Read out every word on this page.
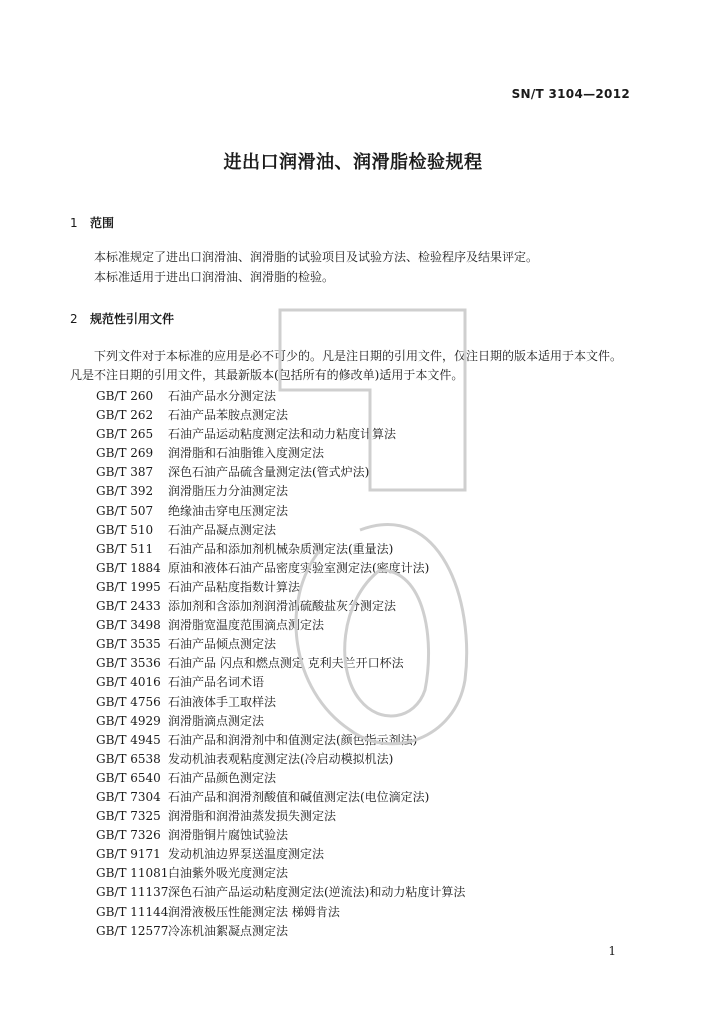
SN/T 3104—2012
进出口润滑油、润滑脂检验规程
1 范围
本标准规定了进出口润滑油、润滑脂的试验项目及试验方法、检验程序及结果评定。
本标准适用于进出口润滑油、润滑脂的检验。
2 规范性引用文件
下列文件对于本标准的应用是必不可少的。凡是注日期的引用文件，仅注日期的版本适用于本文件。凡是不注日期的引用文件，其最新版本(包括所有的修改单)适用于本文件。
GB/T 260 石油产品水分测定法
GB/T 262 石油产品苯胺点测定法
GB/T 265 石油产品运动粘度测定法和动力粘度计算法
GB/T 269 润滑脂和石油脂锥入度测定法
GB/T 387 深色石油产品硫含量测定法(管式炉法)
GB/T 392 润滑脂压力分油测定法
GB/T 507 绝缘油击穿电压测定法
GB/T 510 石油产品凝点测定法
GB/T 511 石油产品和添加剂机械杂质测定法(重量法)
GB/T 1884 原油和液体石油产品密度实验室测定法(密度计法)
GB/T 1995 石油产品粘度指数计算法
GB/T 2433 添加剂和含添加剂润滑油硫酸盐灰分测定法
GB/T 3498 润滑脂宽温度范围滴点测定法
GB/T 3535 石油产品倾点测定法
GB/T 3536 石油产品 闪点和燃点测定 克利夫兰开口杯法
GB/T 4016 石油产品名词术语
GB/T 4756 石油液体手工取样法
GB/T 4929 润滑脂滴点测定法
GB/T 4945 石油产品和润滑剂中和值测定法(颜色指示剂法)
GB/T 6538 发动机油表观粘度测定法(冷启动模拟机法)
GB/T 6540 石油产品颜色测定法
GB/T 7304 石油产品和润滑剂酸值和碱值测定法(电位滴定法)
GB/T 7325 润滑脂和润滑油蒸发损失测定法
GB/T 7326 润滑脂铜片腐蚀试验法
GB/T 9171 发动机油边界泵送温度测定法
GB/T 11081白油紫外吸光度测定法
GB/T 11137深色石油产品运动粘度测定法(逆流法)和动力粘度计算法
GB/T 11144润滑液极压性能测定法 梯姆肯法
GB/T 12577冷冻机油絮凝点测定法
1
